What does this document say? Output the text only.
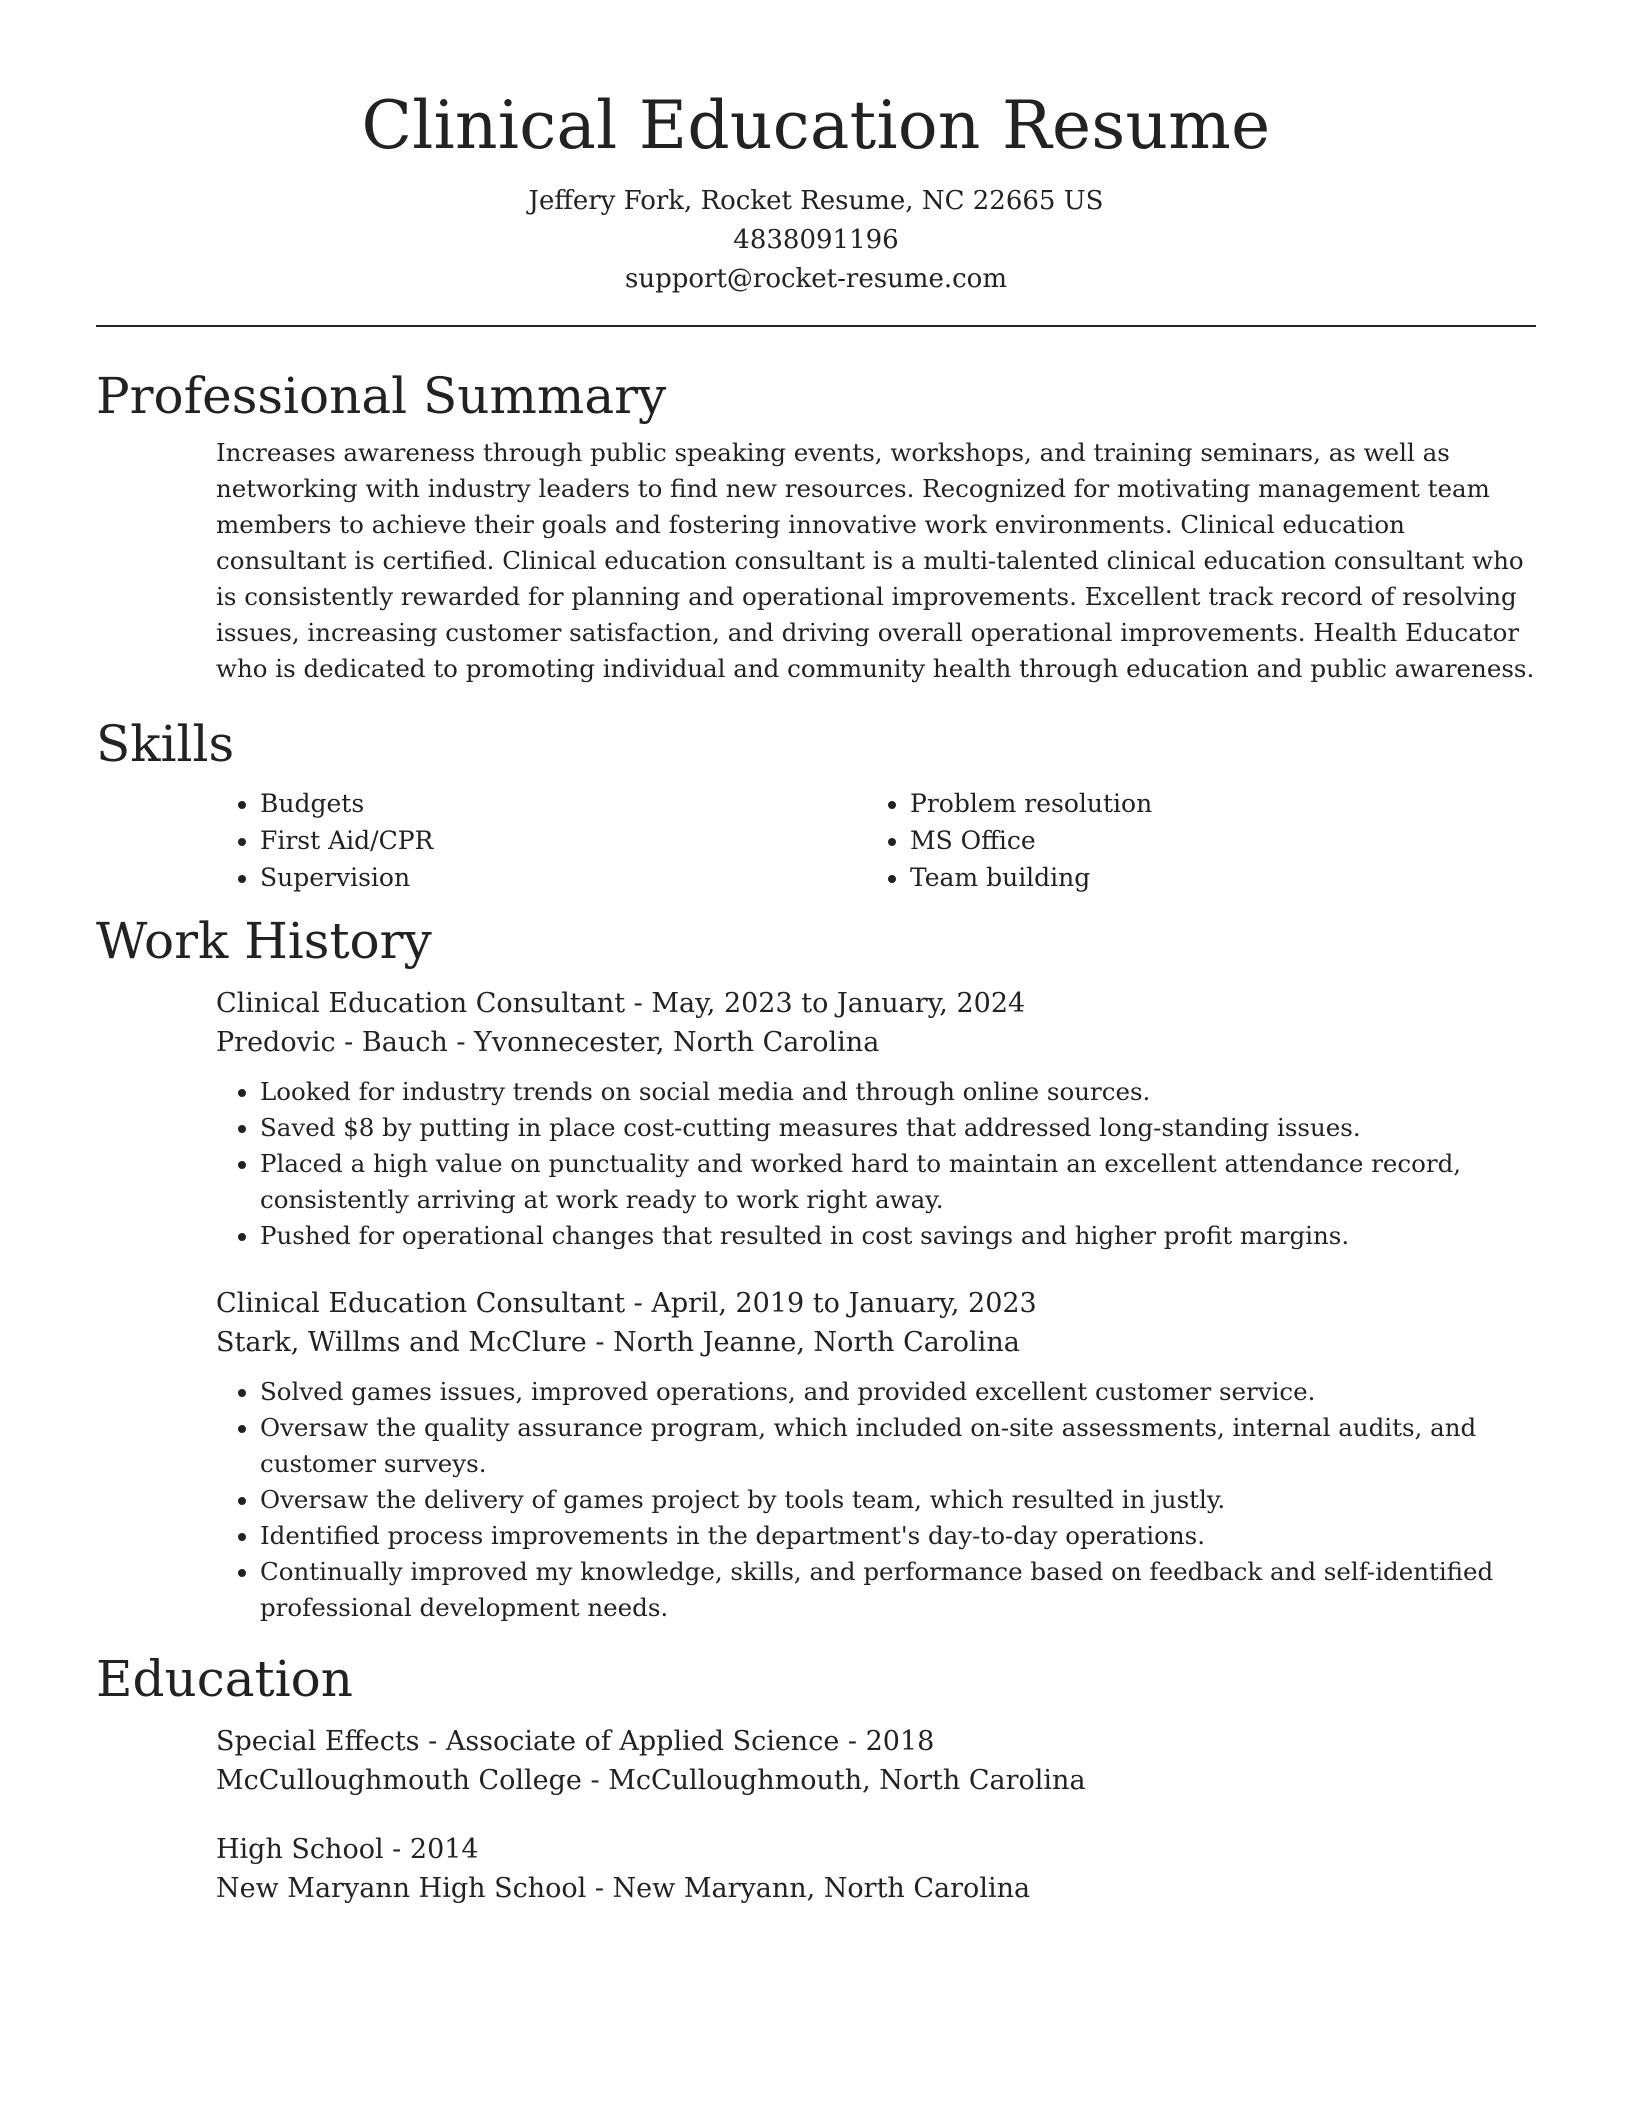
Clinical Education Resume
Jeffery Fork, Rocket Resume, NC 22665 US
4838091196
support@rocket-resume.com
Professional Summary
Increases awareness through public speaking events, workshops, and training seminars, as well as networking with industry leaders to find new resources. Recognized for motivating management team members to achieve their goals and fostering innovative work environments. Clinical education consultant is certified. Clinical education consultant is a multi-talented clinical education consultant who is consistently rewarded for planning and operational improvements. Excellent track record of resolving issues, increasing customer satisfaction, and driving overall operational improvements. Health Educator who is dedicated to promoting individual and community health through education and public awareness.
Skills
• Budgets
• First Aid/CPR
• Supervision
• Problem resolution
• MS Office
• Team building
Work History
Clinical Education Consultant - May, 2023 to January, 2024
Predovic - Bauch - Yvonnecester, North Carolina
• Looked for industry trends on social media and through online sources.
• Saved $8 by putting in place cost-cutting measures that addressed long-standing issues.
• Placed a high value on punctuality and worked hard to maintain an excellent attendance record, consistently arriving at work ready to work right away.
• Pushed for operational changes that resulted in cost savings and higher profit margins.
Clinical Education Consultant - April, 2019 to January, 2023
Stark, Willms and McClure - North Jeanne, North Carolina
• Solved games issues, improved operations, and provided excellent customer service.
• Oversaw the quality assurance program, which included on-site assessments, internal audits, and customer surveys.
• Oversaw the delivery of games project by tools team, which resulted in justly.
• Identified process improvements in the department's day-to-day operations.
• Continually improved my knowledge, skills, and performance based on feedback and self-identified professional development needs.
Education
Special Effects - Associate of Applied Science - 2018
McCulloughmouth College - McCulloughmouth, North Carolina
High School - 2014
New Maryann High School - New Maryann, North Carolina
